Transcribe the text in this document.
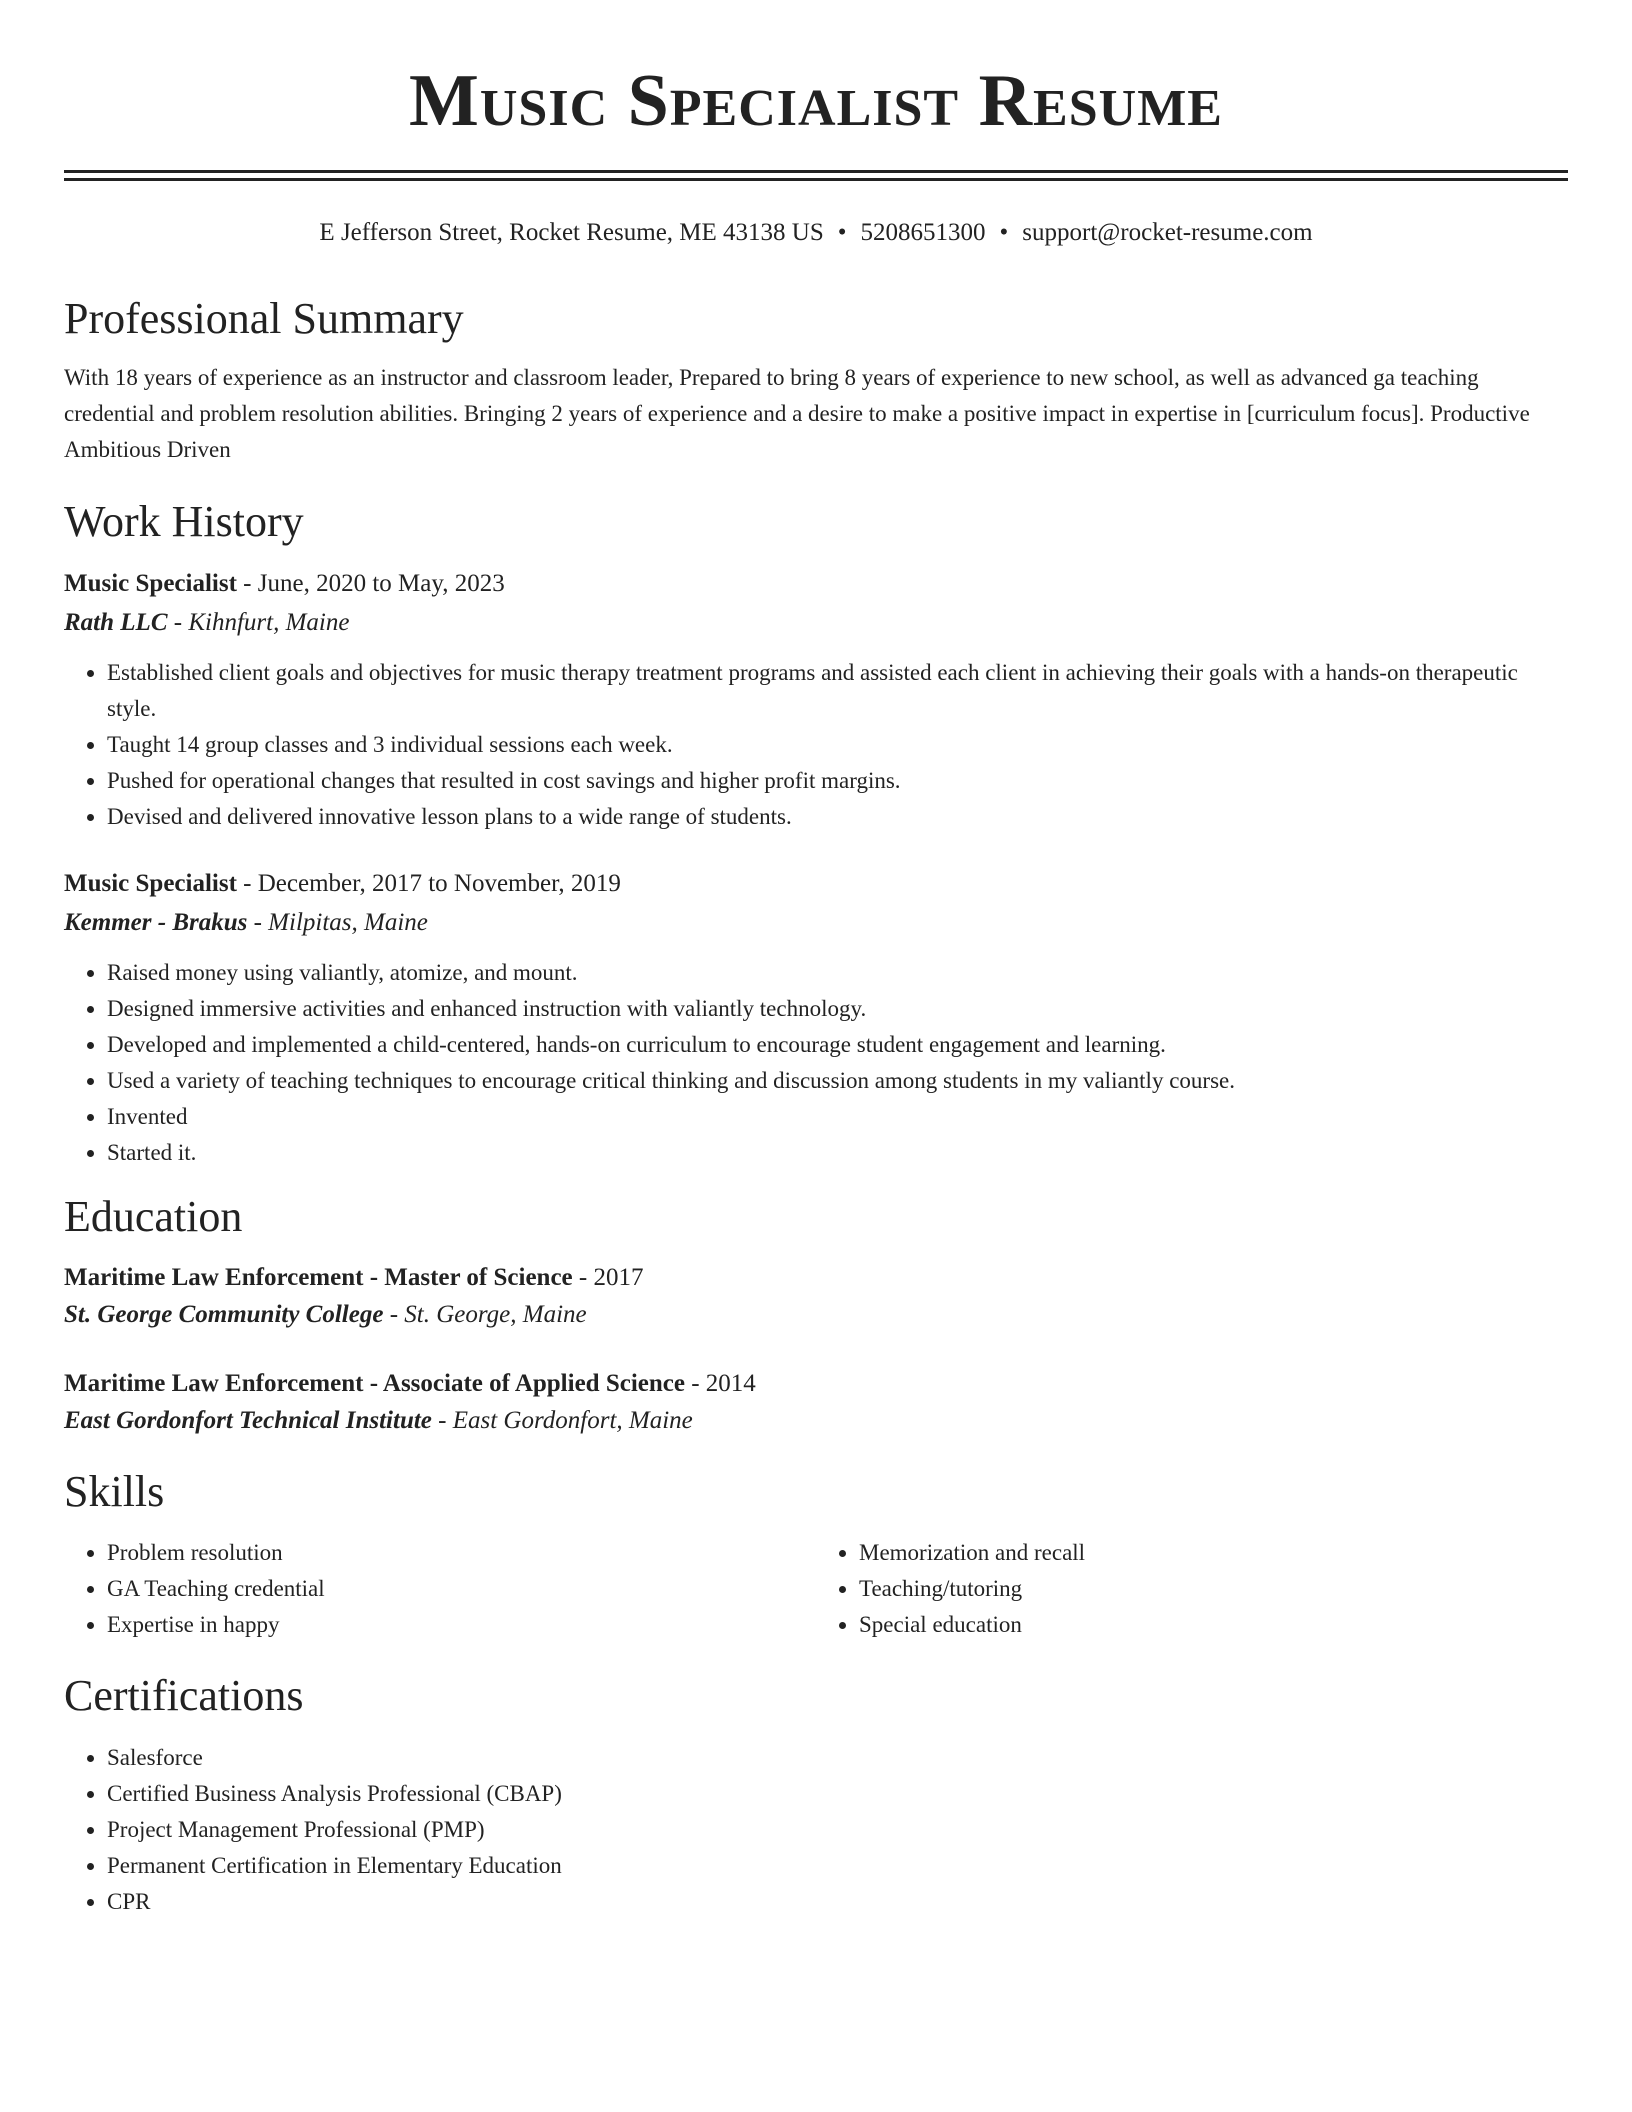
Music Specialist Resume
E Jefferson Street, Rocket Resume, ME 43138 US • 5208651300 • support@rocket-resume.com
Professional Summary
With 18 years of experience as an instructor and classroom leader, Prepared to bring 8 years of experience to new school, as well as advanced ga teaching credential and problem resolution abilities. Bringing 2 years of experience and a desire to make a positive impact in expertise in [curriculum focus]. Productive Ambitious Driven
Work History
Music Specialist - June, 2020 to May, 2023
Rath LLC - Kihnfurt, Maine
• Established client goals and objectives for music therapy treatment programs and assisted each client in achieving their goals with a hands-on therapeutic style.
• Taught 14 group classes and 3 individual sessions each week.
• Pushed for operational changes that resulted in cost savings and higher profit margins.
• Devised and delivered innovative lesson plans to a wide range of students.
Music Specialist - December, 2017 to November, 2019
Kemmer - Brakus - Milpitas, Maine
• Raised money using valiantly, atomize, and mount.
• Designed immersive activities and enhanced instruction with valiantly technology.
• Developed and implemented a child-centered, hands-on curriculum to encourage student engagement and learning.
• Used a variety of teaching techniques to encourage critical thinking and discussion among students in my valiantly course.
• Invented
• Started it.
Education
Maritime Law Enforcement - Master of Science - 2017
St. George Community College - St. George, Maine
Maritime Law Enforcement - Associate of Applied Science - 2014
East Gordonfort Technical Institute - East Gordonfort, Maine
Skills
• Problem resolution
• GA Teaching credential
• Expertise in happy
• Memorization and recall
• Teaching/tutoring
• Special education
Certifications
• Salesforce
• Certified Business Analysis Professional (CBAP)
• Project Management Professional (PMP)
• Permanent Certification in Elementary Education
• CPR
